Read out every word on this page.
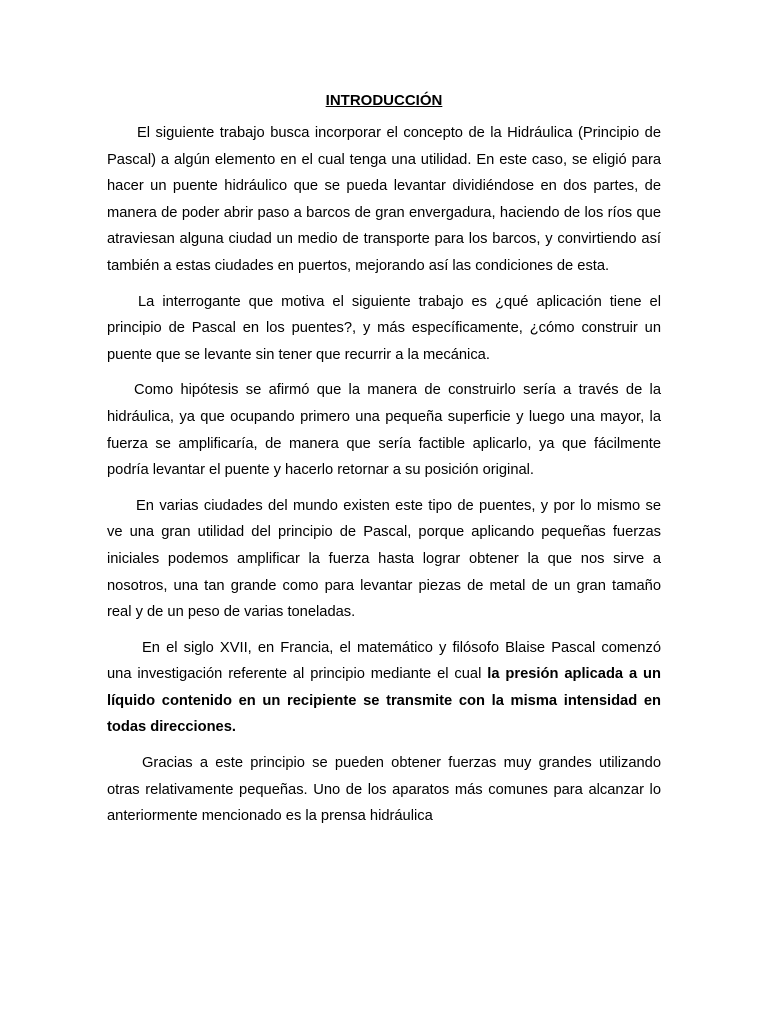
INTRODUCCIÓN

El siguiente trabajo busca incorporar el concepto de la Hidráulica (Principio de Pascal) a algún elemento en el cual tenga una utilidad. En este caso, se eligió para hacer un puente hidráulico que se pueda levantar dividiéndose en dos partes, de manera de poder abrir paso a barcos de gran envergadura, haciendo de los ríos que atraviesan alguna ciudad un medio de transporte para los barcos, y convirtiendo así también a estas ciudades en puertos, mejorando así las condiciones de esta.

La interrogante que motiva el siguiente trabajo es ¿qué aplicación tiene el principio de Pascal en los puentes?, y más específicamente, ¿cómo construir un puente que se levante sin tener que recurrir a la mecánica.

Como hipótesis se afirmó que la manera de construirlo sería a través de la hidráulica, ya que ocupando primero una pequeña superficie y luego una mayor, la fuerza se amplificaría, de manera que sería factible aplicarlo, ya que fácilmente podría levantar el puente y hacerlo retornar a su posición original.

En varias ciudades del mundo existen este tipo de puentes, y por lo mismo se ve una gran utilidad del principio de Pascal, porque aplicando pequeñas fuerzas iniciales podemos amplificar la fuerza hasta lograr obtener la que nos sirve a nosotros, una tan grande como para levantar piezas de metal de un gran tamaño real y de un peso de varias toneladas.

En el siglo XVII, en Francia, el matemático y filósofo Blaise Pascal comenzó una investigación referente al principio mediante el cual la presión aplicada a un líquido contenido en un recipiente se transmite con la misma intensidad en todas direcciones.

Gracias a este principio se pueden obtener fuerzas muy grandes utilizando otras relativamente pequeñas. Uno de los aparatos más comunes para alcanzar lo anteriormente mencionado es la prensa hidráulica
